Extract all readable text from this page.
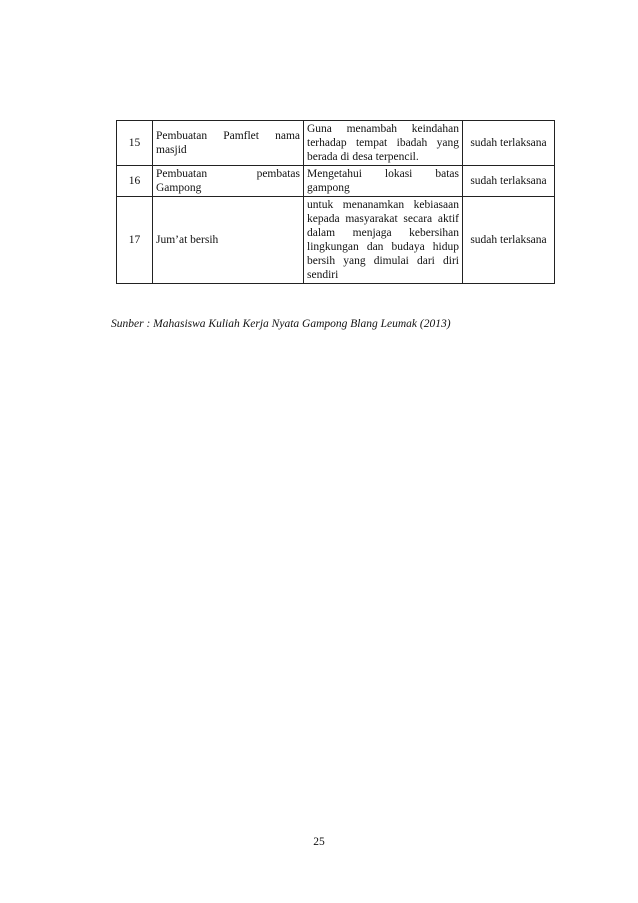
15	Pembuatan Pamflet nama masjid	Guna menambah keindahan terhadap tempat ibadah yang berada di desa terpencil.	sudah terlaksana
16	Pembuatan pembatas Gampong	Mengetahui lokasi batas gampong	sudah terlaksana
17	Jum’at bersih	untuk menanamkan kebiasaan kepada masyarakat secara aktif dalam menjaga kebersihan lingkungan dan budaya hidup bersih yang dimulai dari diri sendiri	sudah terlaksana
Sunber : Mahasiswa Kuliah Kerja Nyata Gampong Blang Leumak (2013)
25
